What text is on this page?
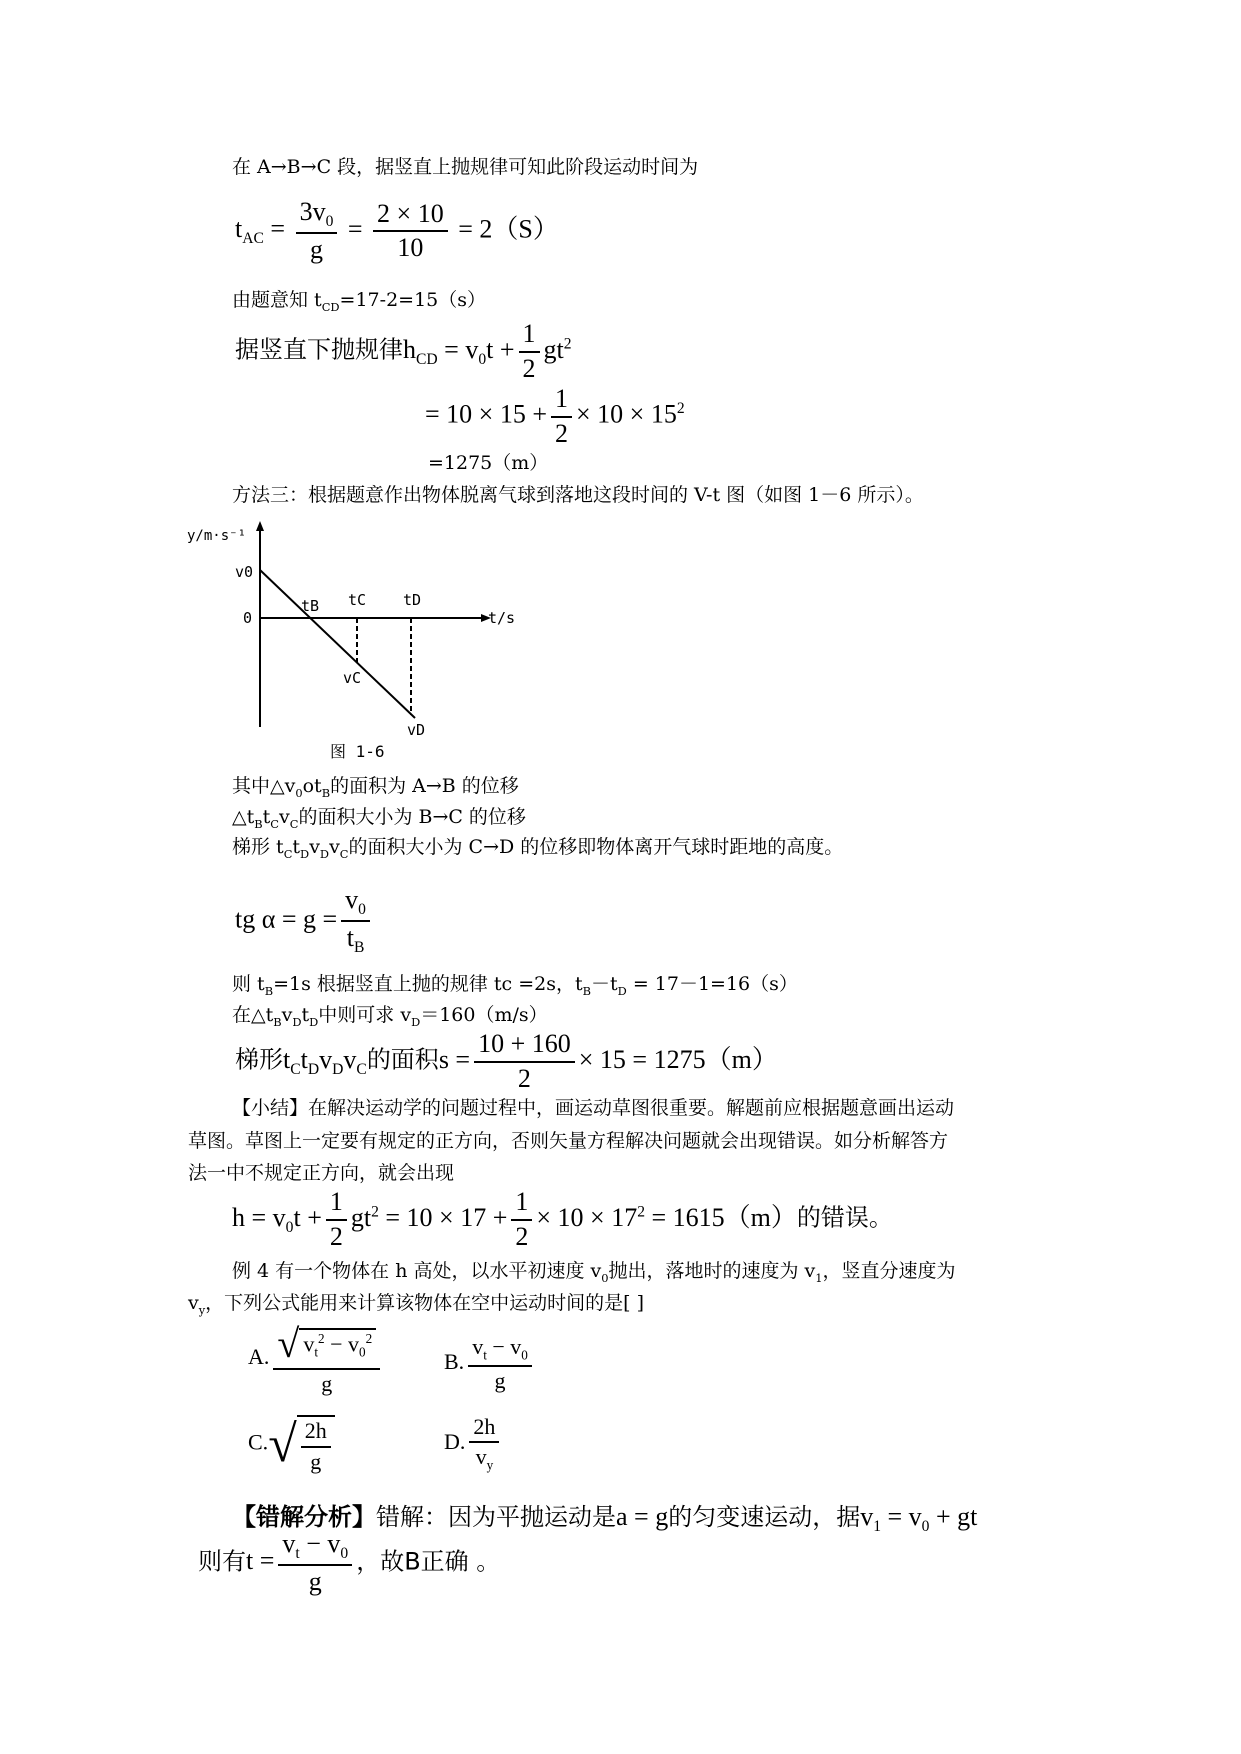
在 A→B→C 段，据竖直上抛规律可知此阶段运动时间为
$t_{AC} = \frac{3v_0}{g} = \frac{2 \times 10}{10} = 2(S)$
由题意知 $t_{CD}=17-2=15(s)$
据竖直下抛规律$h_{CD} = v_0t + \frac{1}{2} gt^2$
= $10 \times 15 + \frac{1}{2} \times 10 \times 15^2$
=1275（m）
方法三：根据题意作出物体脱离气球到落地这段时间的 V-t 图（如图 1－6 所示）。
y/m·s⁻¹
v0
0
tB tC tD
t/s
vC
vD
图 1-6
其中$\triangle v_0ot_B$的面积为 A→B 的位移
$\triangle t_Bt_Cv_C$的面积大小为 B→C 的位移
梯形 $t_Ct_Dv_Dv_C$的面积大小为 C→D 的位移即物体离开气球时距地的高度。
tg $\alpha = g = \frac{v_0}{t_B}$
则 $t_B=1s$ 根据竖直上抛的规律 tc =2s，$t_B-t_D = 17-1=16(s)$
在$\triangle t_Bv_Dt_D$中则可求 $v_D=160(m/s)$
梯形$t_Ct_Dv_Dv_C$的面积$s = \frac{10 + 160}{2} \times 15 = 1275(m)$
【小结】在解决运动学的问题过程中，画运动草图很重要。解题前应根据题意画出运动
草图。草图上一定要有规定的正方向，否则矢量方程解决问题就会出现错误。如分析解答方
法一中不规定正方向，就会出现
$h = v_0t + \frac{1}{2} gt^2 = 10 \times 17 + \frac{1}{2} \times 10 \times 17^2 = 1615(m)$的错误。
例 4 有一个物体在 h 高处，以水平初速度 $v_0$抛出，落地时的速度为 $v_1$，竖直分速度为
$v_y$，下列公式能用来计算该物体在空中运动时间的是[ ]
A. $\frac{√ v_t^2 - v_0^2}{g}$	B. $\frac{v_t - v_0}{g}$
$C.√ \frac{2h}{g}$	D. $\frac{2h}{v_y}$
【错解分析】错解：因为平抛运动是a = g的匀变速运动，据$v_1 = v_0$ + gt
则有$t = \frac{v_t - v_0}{g}$ ，故B正确 。
